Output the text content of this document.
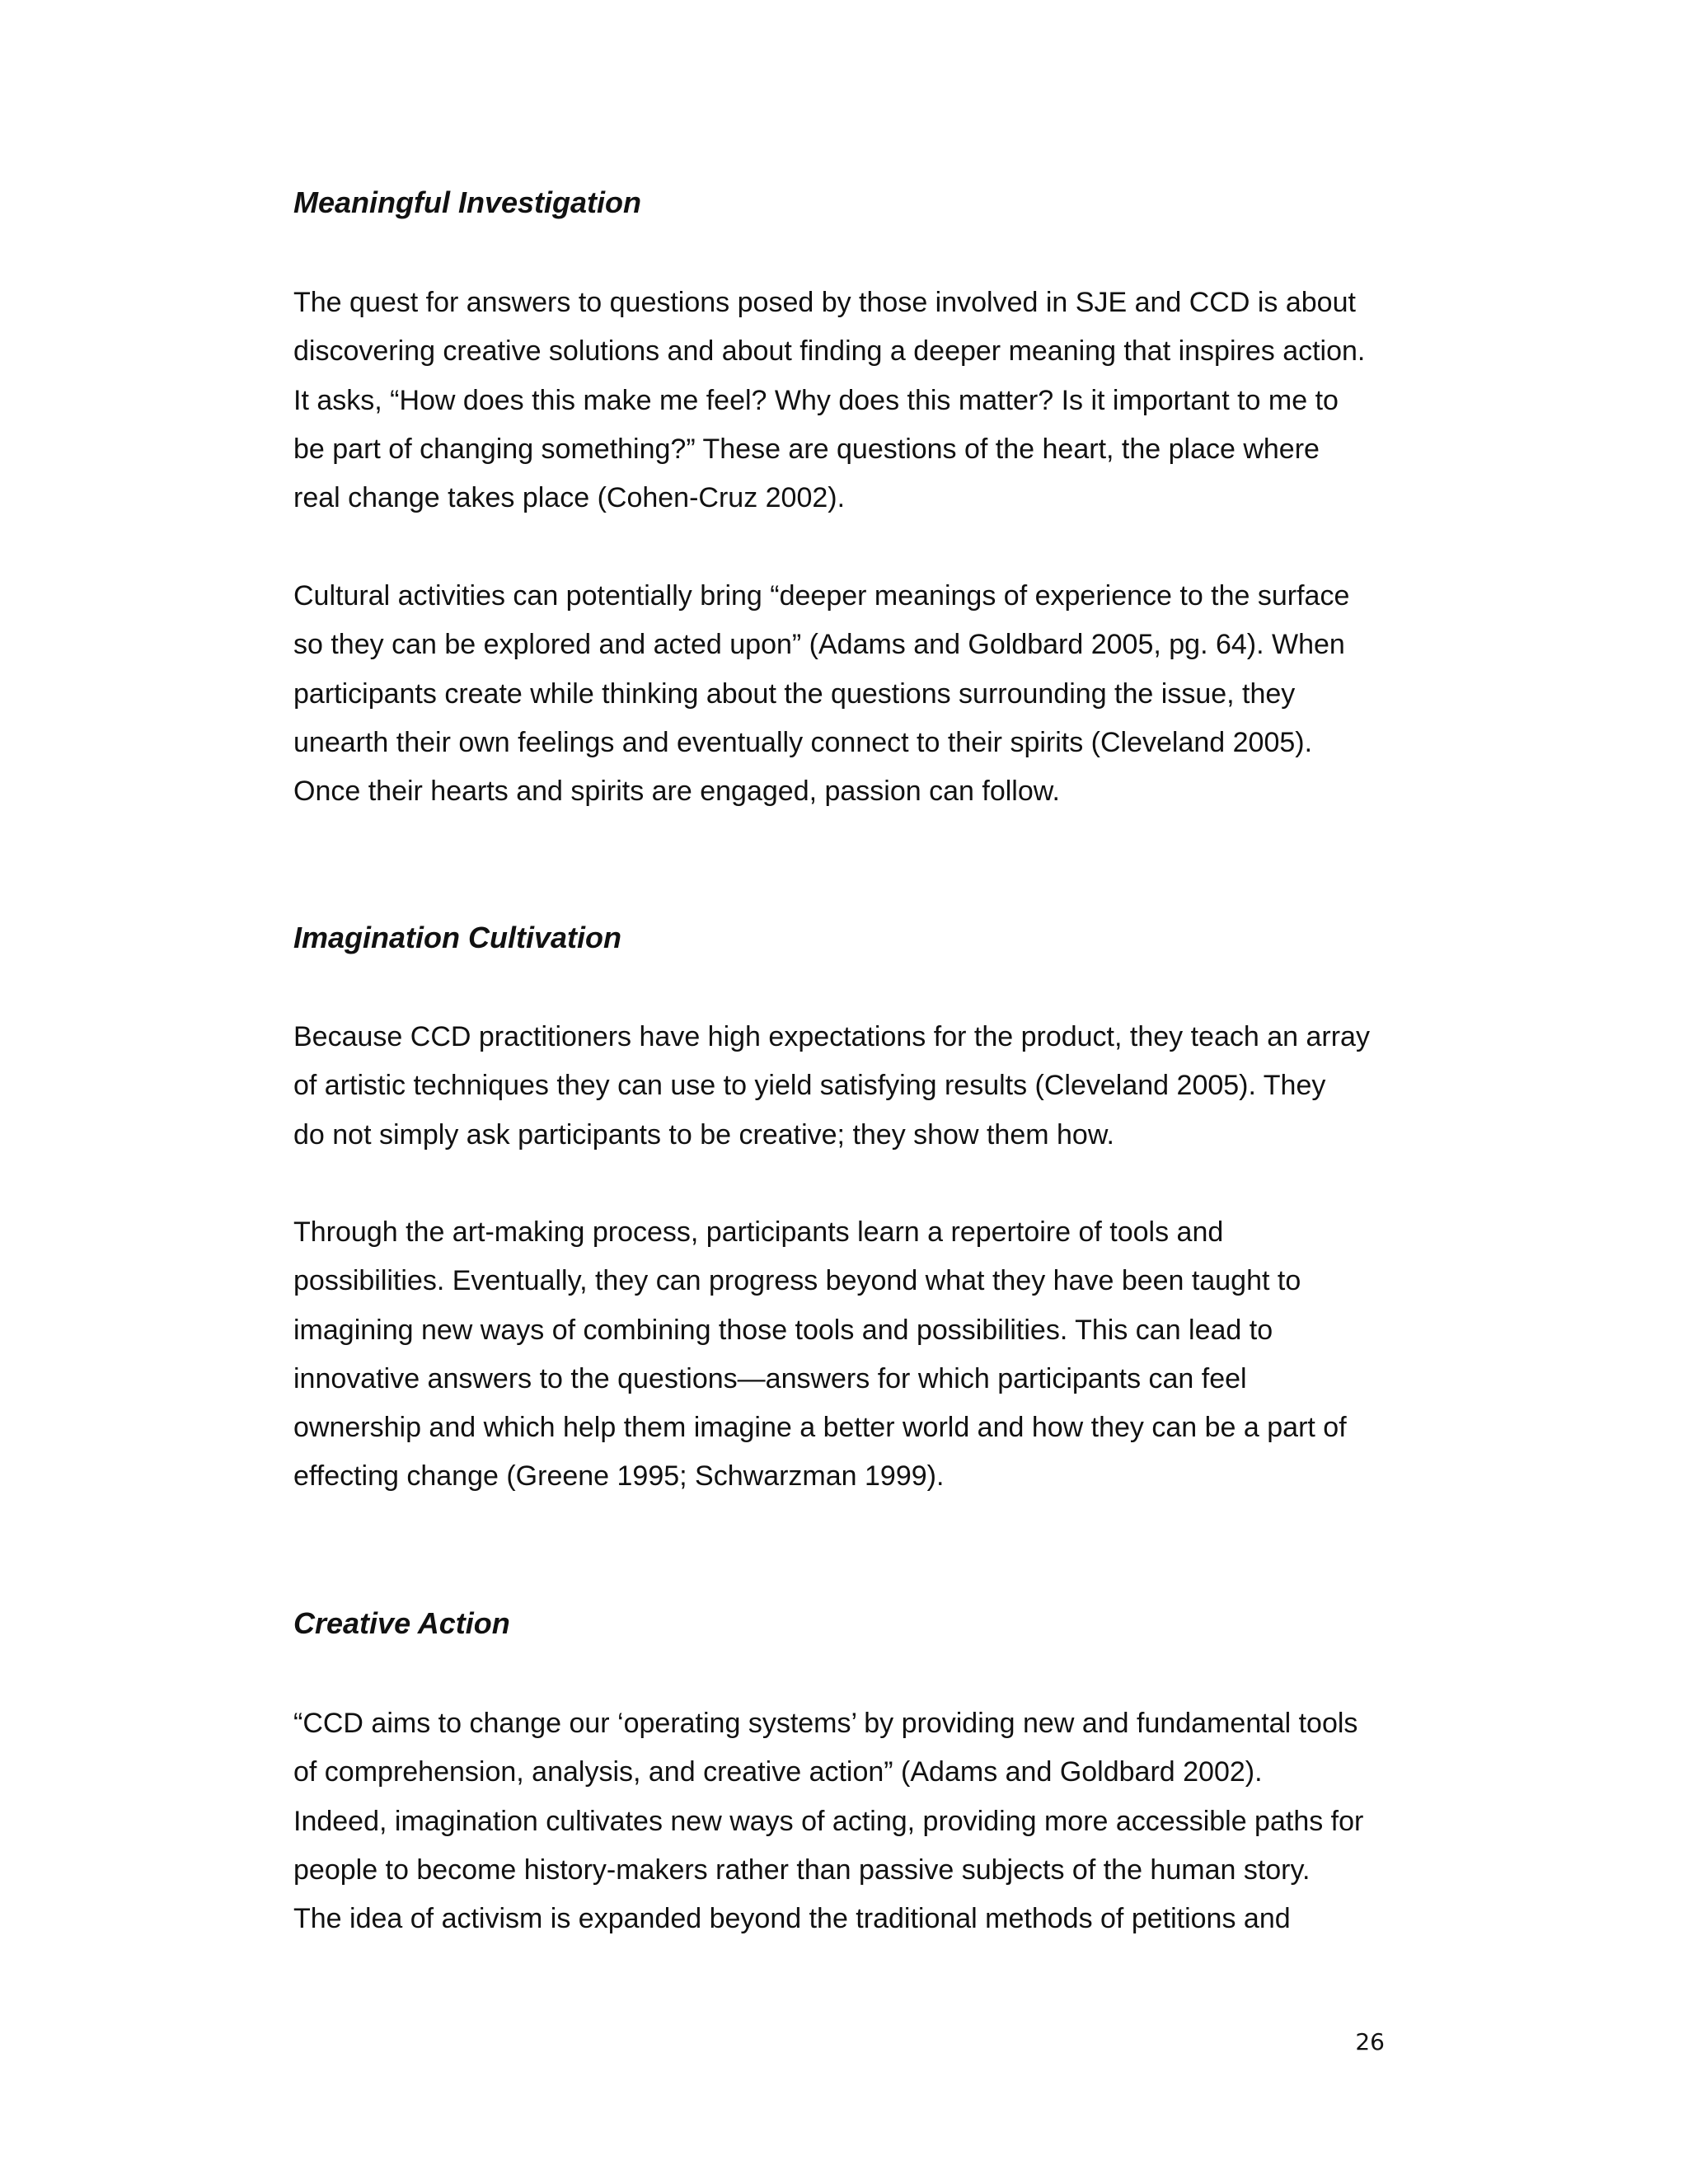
Meaningful Investigation

The quest for answers to questions posed by those involved in SJE and CCD is about
discovering creative solutions and about finding a deeper meaning that inspires action.
It asks, “How does this make me feel? Why does this matter? Is it important to me to
be part of changing something?” These are questions of the heart, the place where
real change takes place (Cohen-Cruz 2002).

Cultural activities can potentially bring “deeper meanings of experience to the surface
so they can be explored and acted upon” (Adams and Goldbard 2005, pg. 64). When
participants create while thinking about the questions surrounding the issue, they
unearth their own feelings and eventually connect to their spirits (Cleveland 2005).
Once their hearts and spirits are engaged, passion can follow.

Imagination Cultivation

Because CCD practitioners have high expectations for the product, they teach an array
of artistic techniques they can use to yield satisfying results (Cleveland 2005). They
do not simply ask participants to be creative; they show them how.

Through the art-making process, participants learn a repertoire of tools and
possibilities. Eventually, they can progress beyond what they have been taught to
imagining new ways of combining those tools and possibilities. This can lead to
innovative answers to the questions—answers for which participants can feel
ownership and which help them imagine a better world and how they can be a part of
effecting change (Greene 1995; Schwarzman 1999).

Creative Action

“CCD aims to change our ‘operating systems’ by providing new and fundamental tools
of comprehension, analysis, and creative action” (Adams and Goldbard 2002).
Indeed, imagination cultivates new ways of acting, providing more accessible paths for
people to become history-makers rather than passive subjects of the human story.
The idea of activism is expanded beyond the traditional methods of petitions and

26
